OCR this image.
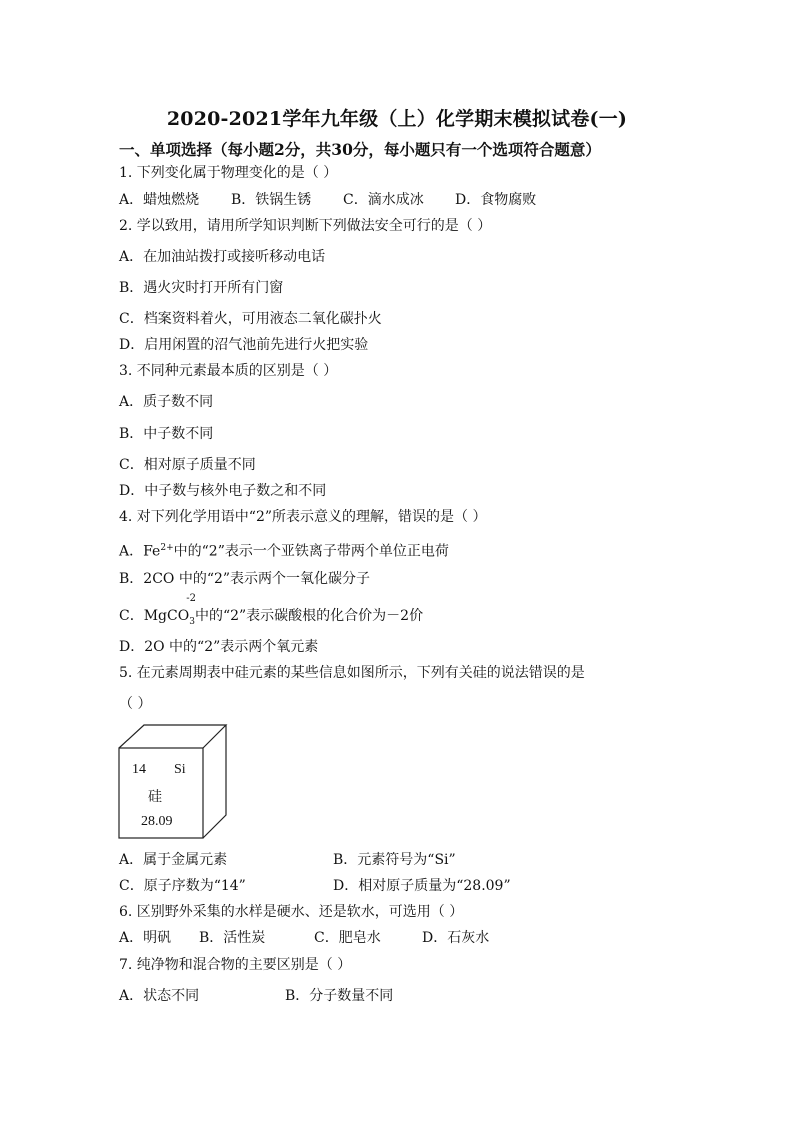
2020-2021学年九年级（上）化学期末模拟试卷(一)
一、单项选择（每小题2分，共30分，每小题只有一个选项符合题意）
1. 下列变化属于物理变化的是（ ）
A．蜡烛燃烧 B．铁锅生锈 C．滴水成冰 D．食物腐败
2. 学以致用，请用所学知识判断下列做法安全可行的是（ ）
A．在加油站拨打或接听移动电话
B．遇火灾时打开所有门窗
C．档案资料着火，可用液态二氧化碳扑火
D．启用闲置的沼气池前先进行火把实验
3. 不同种元素最本质的区别是（ ）
A．质子数不同
B．中子数不同
C．相对原子质量不同
D．中子数与核外电子数之和不同
4. 对下列化学用语中“2”所表示意义的理解，错误的是（ ）
A．$Fe^{2+}$中的“2”表示一个亚铁离子带两个单位正电荷
B．2CO 中的“2”表示两个一氧化碳分子
C．
-2
MgCO$_3$中的“2”表示碳酸根的化合价为－2价
D．2O 中的“2”表示两个氧元素
5. 在元素周期表中硅元素的某些信息如图所示，下列有关硅的说法错误的是
（ ）
14 Si
硅
28.09
A．属于金属元素	B．元素符号为“Si”
C．原子序数为“14”	D．相对原子质量为“28.09”
6. 区别野外采集的水样是硬水、还是软水，可选用（ ）
A．明矾 B．活性炭	C．肥皂水	D．石灰水
7. 纯净物和混合物的主要区别是（ ）
A．状态不同	B．分子数量不同
